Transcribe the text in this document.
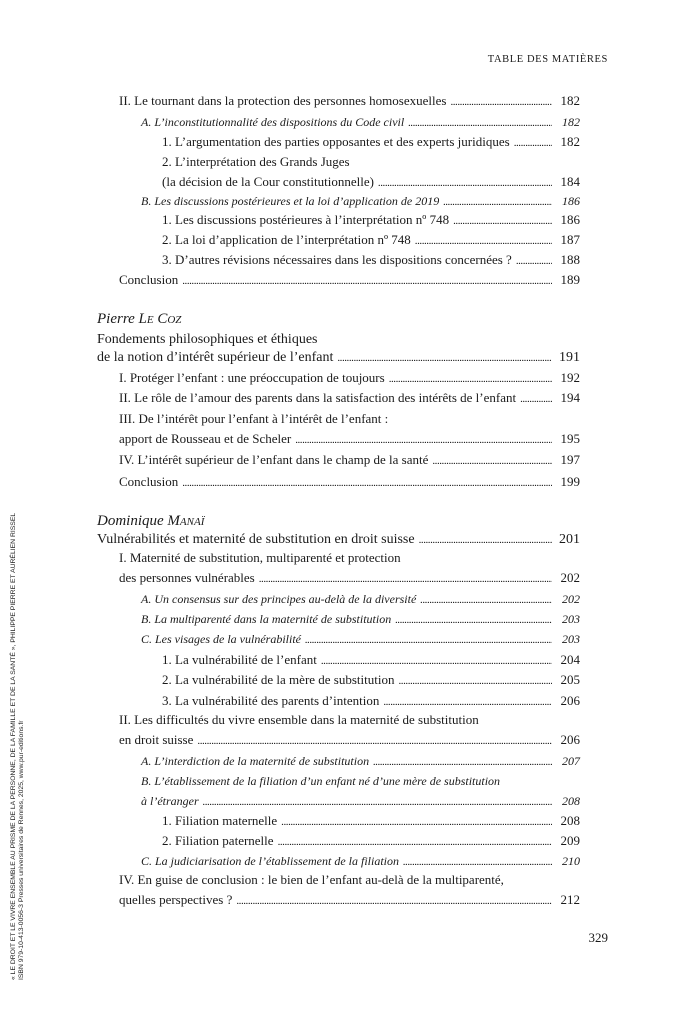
TABLE DES MATIÈRES
« LE DROIT ET LE VIVRE ENSEMBLE AU PRISME DE LA PERSONNE, DE LA FAMILLE ET DE LA SANTÉ », PHILIPPE PIERRE ET AURÉLIEN RISSEL ISBN 979-10-413-0056-3 Presses universitaires de Rennes, 2025, www.pur-editions.fr
II. Le tournant dans la protection des personnes homosexuelles . . .	182
A. L’inconstitutionnalité des dispositions du Code civil . . .	182
1. L’argumentation des parties opposantes et des experts juridiques . . .	182
2. L’interprétation des Grands Juges
(la décision de la Cour constitutionnelle) . . .	184
B. Les discussions postérieures et la loi d’application de 2019 . . .	186
1. Les discussions postérieures à l’interprétation nº 748 . . .	186
2. La loi d’application de l’interprétation nº 748 . . .	187
3. D’autres révisions nécessaires dans les dispositions concernées ? . . .	188
Conclusion . . .	189
Pierre Le Coz
Fondements philosophiques et éthiques
de la notion d’intérêt supérieur de l’enfant . . .	191
I. Protéger l’enfant : une préoccupation de toujours . . .	192
II. Le rôle de l’amour des parents dans la satisfaction des intérêts de l’enfant . . .	194
III. De l’intérêt pour l’enfant à l’intérêt de l’enfant :
apport de Rousseau et de Scheler . . .	195
IV. L’intérêt supérieur de l’enfant dans le champ de la santé . . .	197
Conclusion . . .	199
Dominique Manaï
Vulnérabilités et maternité de substitution en droit suisse . . .	201
I. Maternité de substitution, multiparenté et protection
des personnes vulnérables . . .	202
A. Un consensus sur des principes au-delà de la diversité . . .	202
B. La multiparenté dans la maternité de substitution . . .	203
C. Les visages de la vulnérabilité . . .	203
1. La vulnérabilité de l’enfant . . .	204
2. La vulnérabilité de la mère de substitution . . .	205
3. La vulnérabilité des parents d’intention . . .	206
II. Les difficultés du vivre ensemble dans la maternité de substitution
en droit suisse . . .	206
A. L’interdiction de la maternité de substitution . . .	207
B. L’établissement de la filiation d’un enfant né d’une mère de substitution
à l’étranger . . .	208
1. Filiation maternelle . . .	208
2. Filiation paternelle . . .	209
C. La judiciarisation de l’établissement de la filiation . . .	210
IV. En guise de conclusion : le bien de l’enfant au-delà de la multiparenté,
quelles perspectives ? . . .	212
329
